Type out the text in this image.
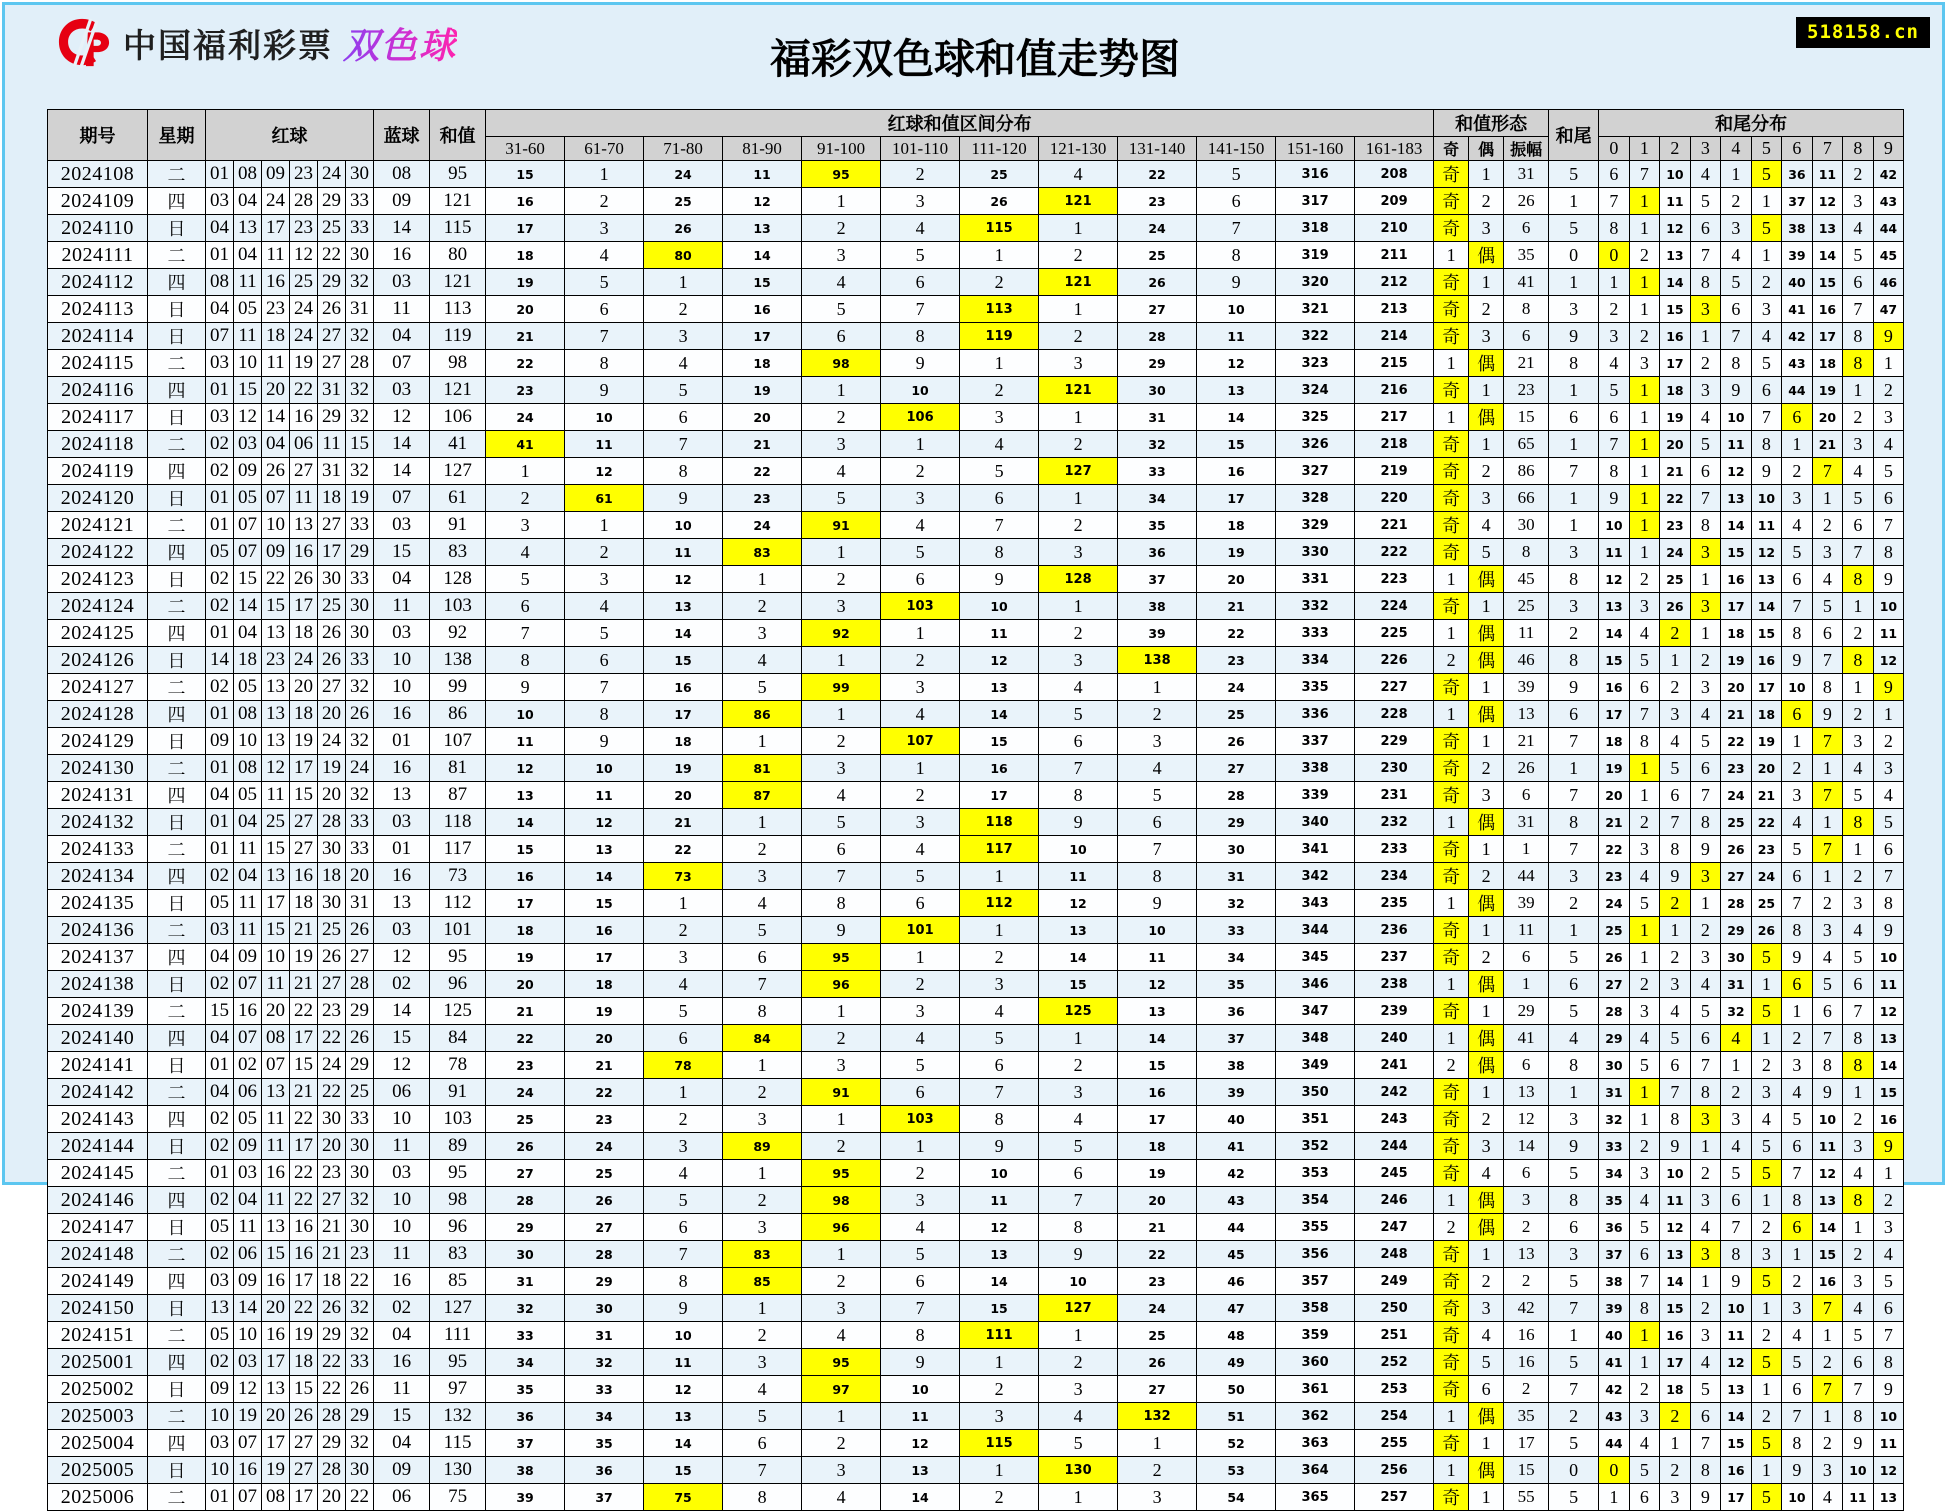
中国福利彩票 双色球	福彩双色球和值走势图
518158.cn
期号	星期	红球						蓝球	和值	红球和值区间分布												和值形态			和尾	和尾分布									
										31-60	61-70	71-80	81-90	91-100	101-110	111-120	121-130	131-140	141-150	151-160	161-183	奇	偶	振幅		0	1	2	3	4	5	6	7	8	9
2024108	二	01	08	09	23	24	30	08	95	15	1	24	11	95	2	25	4	22	5	316	208	奇	1	31	5	6	7	10	4	1	5	36	11	2	42
2024109	四	03	04	24	28	29	33	09	121	16	2	25	12	1	3	26	121	23	6	317	209	奇	2	26	1	7	1	11	5	2	1	37	12	3	43
2024110	日	04	13	17	23	25	33	14	115	17	3	26	13	2	4	115	1	24	7	318	210	奇	3	6	5	8	1	12	6	3	5	38	13	4	44
2024111	二	01	04	11	12	22	30	16	80	18	4	80	14	3	5	1	2	25	8	319	211	1	偶	35	0	0	2	13	7	4	1	39	14	5	45
2024112	四	08	11	16	25	29	32	03	121	19	5	1	15	4	6	2	121	26	9	320	212	奇	1	41	1	1	1	14	8	5	2	40	15	6	46
2024113	日	04	05	23	24	26	31	11	113	20	6	2	16	5	7	113	1	27	10	321	213	奇	2	8	3	2	1	15	3	6	3	41	16	7	47
2024114	日	07	11	18	24	27	32	04	119	21	7	3	17	6	8	119	2	28	11	322	214	奇	3	6	9	3	2	16	1	7	4	42	17	8	9
2024115	二	03	10	11	19	27	28	07	98	22	8	4	18	98	9	1	3	29	12	323	215	1	偶	21	8	4	3	17	2	8	5	43	18	8	1
2024116	四	01	15	20	22	31	32	03	121	23	9	5	19	1	10	2	121	30	13	324	216	奇	1	23	1	5	1	18	3	9	6	44	19	1	2
2024117	日	03	12	14	16	29	32	12	106	24	10	6	20	2	106	3	1	31	14	325	217	1	偶	15	6	6	1	19	4	10	7	6	20	2	3
2024118	二	02	03	04	06	11	15	14	41	41	11	7	21	3	1	4	2	32	15	326	218	奇	1	65	1	7	1	20	5	11	8	1	21	3	4
2024119	四	02	09	26	27	31	32	14	127	1	12	8	22	4	2	5	127	33	16	327	219	奇	2	86	7	8	1	21	6	12	9	2	7	4	5
2024120	日	01	05	07	11	18	19	07	61	2	61	9	23	5	3	6	1	34	17	328	220	奇	3	66	1	9	1	22	7	13	10	3	1	5	6
2024121	二	01	07	10	13	27	33	03	91	3	1	10	24	91	4	7	2	35	18	329	221	奇	4	30	1	10	1	23	8	14	11	4	2	6	7
2024122	四	05	07	09	16	17	29	15	83	4	2	11	83	1	5	8	3	36	19	330	222	奇	5	8	3	11	1	24	3	15	12	5	3	7	8
2024123	日	02	15	22	26	30	33	04	128	5	3	12	1	2	6	9	128	37	20	331	223	1	偶	45	8	12	2	25	1	16	13	6	4	8	9
2024124	二	02	14	15	17	25	30	11	103	6	4	13	2	3	103	10	1	38	21	332	224	奇	1	25	3	13	3	26	3	17	14	7	5	1	10
2024125	四	01	04	13	18	26	30	03	92	7	5	14	3	92	1	11	2	39	22	333	225	1	偶	11	2	14	4	2	1	18	15	8	6	2	11
2024126	日	14	18	23	24	26	33	10	138	8	6	15	4	1	2	12	3	138	23	334	226	2	偶	46	8	15	5	1	2	19	16	9	7	8	12
2024127	二	02	05	13	20	27	32	10	99	9	7	16	5	99	3	13	4	1	24	335	227	奇	1	39	9	16	6	2	3	20	17	10	8	1	9
2024128	四	01	08	13	18	20	26	16	86	10	8	17	86	1	4	14	5	2	25	336	228	1	偶	13	6	17	7	3	4	21	18	6	9	2	1
2024129	日	09	10	13	19	24	32	01	107	11	9	18	1	2	107	15	6	3	26	337	229	奇	1	21	7	18	8	4	5	22	19	1	7	3	2
2024130	二	01	08	12	17	19	24	16	81	12	10	19	81	3	1	16	7	4	27	338	230	奇	2	26	1	19	1	5	6	23	20	2	1	4	3
2024131	四	04	05	11	15	20	32	13	87	13	11	20	87	4	2	17	8	5	28	339	231	奇	3	6	7	20	1	6	7	24	21	3	7	5	4
2024132	日	01	04	25	27	28	33	03	118	14	12	21	1	5	3	118	9	6	29	340	232	1	偶	31	8	21	2	7	8	25	22	4	1	8	5
2024133	二	01	11	15	27	30	33	01	117	15	13	22	2	6	4	117	10	7	30	341	233	奇	1	1	7	22	3	8	9	26	23	5	7	1	6
2024134	四	02	04	13	16	18	20	16	73	16	14	73	3	7	5	1	11	8	31	342	234	奇	2	44	3	23	4	9	3	27	24	6	1	2	7
2024135	日	05	11	17	18	30	31	13	112	17	15	1	4	8	6	112	12	9	32	343	235	1	偶	39	2	24	5	2	1	28	25	7	2	3	8
2024136	二	03	11	15	21	25	26	03	101	18	16	2	5	9	101	1	13	10	33	344	236	奇	1	11	1	25	1	1	2	29	26	8	3	4	9
2024137	四	04	09	10	19	26	27	12	95	19	17	3	6	95	1	2	14	11	34	345	237	奇	2	6	5	26	1	2	3	30	5	9	4	5	10
2024138	日	02	07	11	21	27	28	02	96	20	18	4	7	96	2	3	15	12	35	346	238	1	偶	1	6	27	2	3	4	31	1	6	5	6	11
2024139	二	15	16	20	22	23	29	14	125	21	19	5	8	1	3	4	125	13	36	347	239	奇	1	29	5	28	3	4	5	32	5	1	6	7	12
2024140	四	04	07	08	17	22	26	15	84	22	20	6	84	2	4	5	1	14	37	348	240	1	偶	41	4	29	4	5	6	4	1	2	7	8	13
2024141	日	01	02	07	15	24	29	12	78	23	21	78	1	3	5	6	2	15	38	349	241	2	偶	6	8	30	5	6	7	1	2	3	8	8	14
2024142	二	04	06	13	21	22	25	06	91	24	22	1	2	91	6	7	3	16	39	350	242	奇	1	13	1	31	1	7	8	2	3	4	9	1	15
2024143	四	02	05	11	22	30	33	10	103	25	23	2	3	1	103	8	4	17	40	351	243	奇	2	12	3	32	1	8	3	3	4	5	10	2	16
2024144	日	02	09	11	17	20	30	11	89	26	24	3	89	2	1	9	5	18	41	352	244	奇	3	14	9	33	2	9	1	4	5	6	11	3	9
2024145	二	01	03	16	22	23	30	03	95	27	25	4	1	95	2	10	6	19	42	353	245	奇	4	6	5	34	3	10	2	5	5	7	12	4	1
2024146	四	02	04	11	22	27	32	10	98	28	26	5	2	98	3	11	7	20	43	354	246	1	偶	3	8	35	4	11	3	6	1	8	13	8	2
2024147	日	05	11	13	16	21	30	10	96	29	27	6	3	96	4	12	8	21	44	355	247	2	偶	2	6	36	5	12	4	7	2	6	14	1	3
2024148	二	02	06	15	16	21	23	11	83	30	28	7	83	1	5	13	9	22	45	356	248	奇	1	13	3	37	6	13	3	8	3	1	15	2	4
2024149	四	03	09	16	17	18	22	16	85	31	29	8	85	2	6	14	10	23	46	357	249	奇	2	2	5	38	7	14	1	9	5	2	16	3	5
2024150	日	13	14	20	22	26	32	02	127	32	30	9	1	3	7	15	127	24	47	358	250	奇	3	42	7	39	8	15	2	10	1	3	7	4	6
2024151	二	05	10	16	19	29	32	04	111	33	31	10	2	4	8	111	1	25	48	359	251	奇	4	16	1	40	1	16	3	11	2	4	1	5	7
2025001	四	02	03	17	18	22	33	16	95	34	32	11	3	95	9	1	2	26	49	360	252	奇	5	16	5	41	1	17	4	12	5	5	2	6	8
2025002	日	09	12	13	15	22	26	11	97	35	33	12	4	97	10	2	3	27	50	361	253	奇	6	2	7	42	2	18	5	13	1	6	7	7	9
2025003	二	10	19	20	26	28	29	15	132	36	34	13	5	1	11	3	4	132	51	362	254	1	偶	35	2	43	3	2	6	14	2	7	1	8	10
2025004	四	03	07	17	27	29	32	04	115	37	35	14	6	2	12	115	5	1	52	363	255	奇	1	17	5	44	4	1	7	15	5	8	2	9	11
2025005	日	10	16	19	27	28	30	09	130	38	36	15	7	3	13	1	130	2	53	364	256	1	偶	15	0	0	5	2	8	16	1	9	3	10	12
2025006	二	01	07	08	17	20	22	06	75	39	37	75	8	4	14	2	1	3	54	365	257	奇	1	55	5	1	6	3	9	17	5	10	4	11	13
